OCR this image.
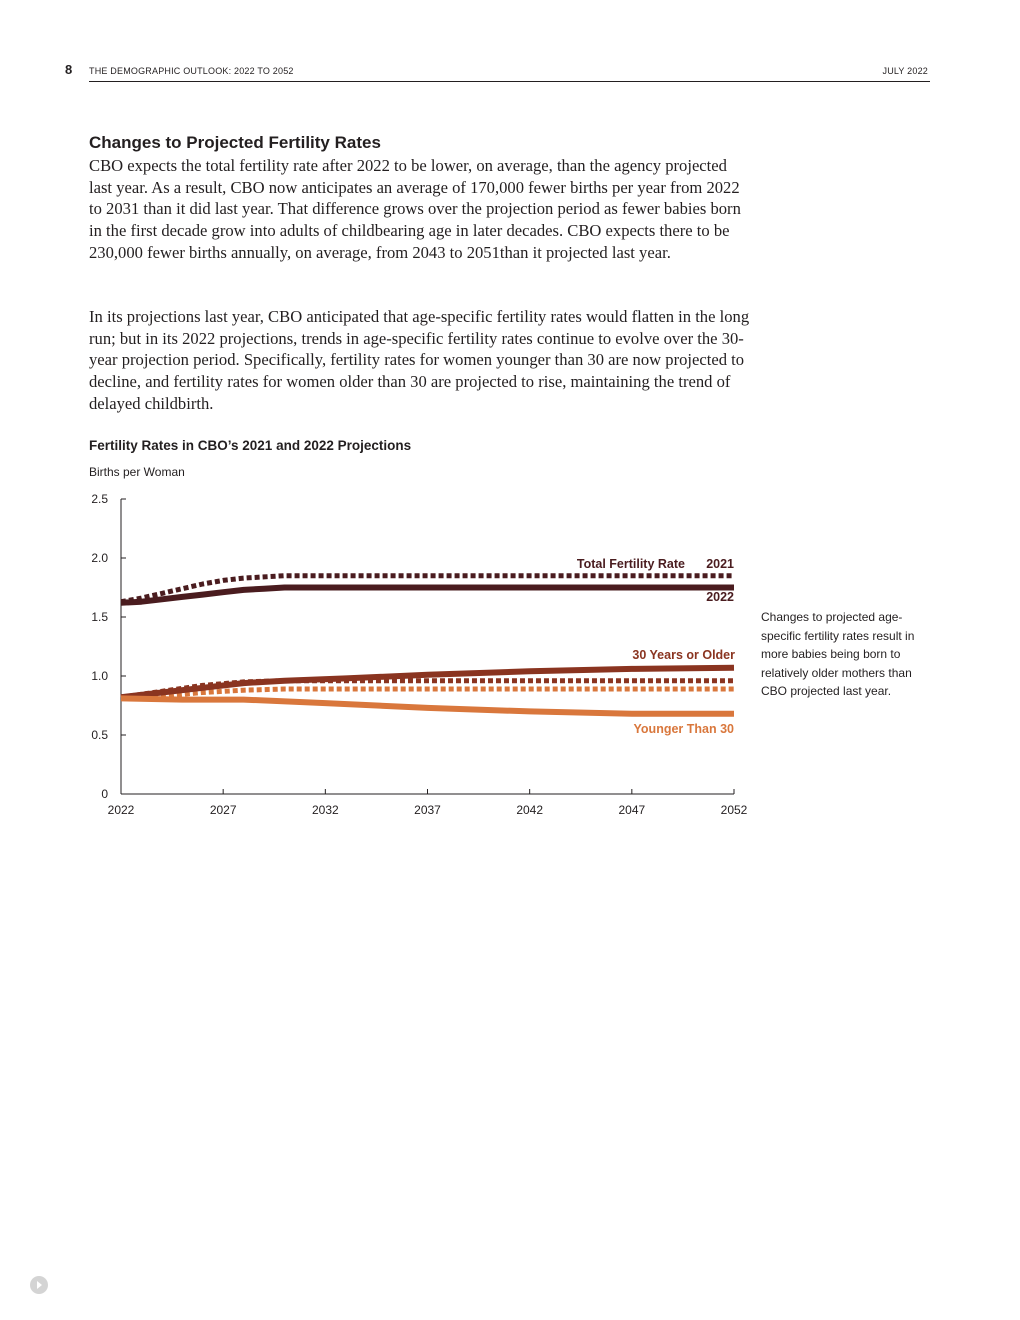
8 THE DEMOGRAPHIC OUTLOOK: 2022 TO 2052	JULY 2022
Changes to Projected Fertility Rates

CBO expects the total fertility rate after 2022 to be lower, on average, than the agency projected last year. As a result, CBO now anticipates an average of 170,000 fewer births per year from 2022 to 2031 than it did last year. That difference grows over the projection period as fewer babies born in the first decade grow into adults of childbearing age in later decades. CBO expects there to be 230,000 fewer births annually, on average, from 2043 to 2051than it projected last year.

In its projections last year, CBO anticipated that age-specific fertility rates would flatten in the long run; but in its 2022 projections, trends in age-specific fertility rates continue to evolve over the 30-year projection period. Specifically, fertility rates for women younger than 30 are now projected to decline, and fertility rates for women older than 30 are projected to rise, maintaining the trend of delayed childbirth.

Fertility Rates in CBO’s 2021 and 2022 Projections
Births per Woman
0
0.5
1.0
1.5
2.0
2.5
2022	2027	2032	2037	2042	2047	2052
Total Fertility Rate 2021
2022
30 Years or Older
Younger Than 30

Changes to projected age-specific fertility rates result in more babies being born to relatively older mothers than CBO projected last year.
